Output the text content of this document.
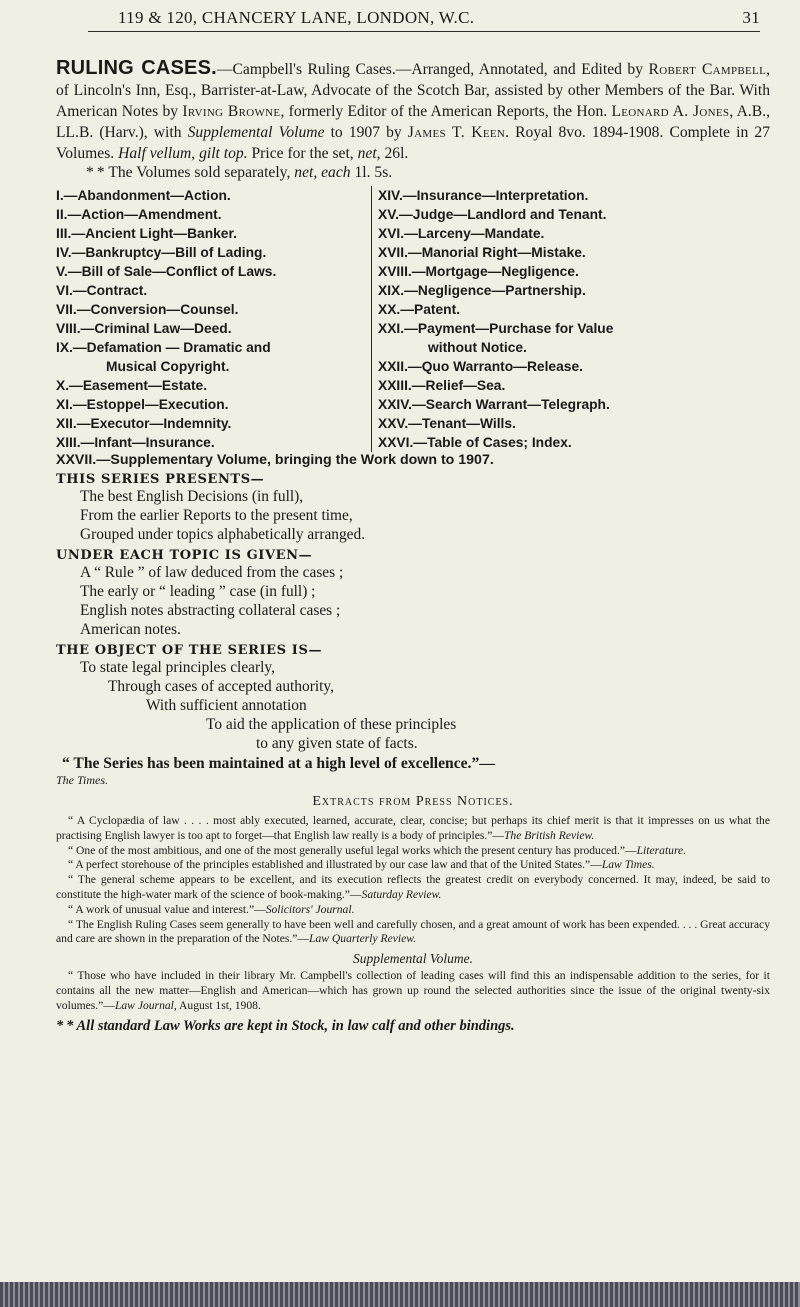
119 & 120, CHANCERY LANE, LONDON, W.C.	31

RULING CASES.—Campbell's Ruling Cases.—Arranged, Annotated, and Edited by Robert Campbell, of Lincoln's Inn, Esq., Barrister-at-Law, Advocate of the Scotch Bar, assisted by other Members of the Bar. With American Notes by Irving Browne, formerly Editor of the American Reports, the Hon. Leonard A. Jones, A.B., LL.B. (Harv.), with Supplemental Volume to 1907 by James T. Keen. Royal 8vo. 1894-1908. Complete in 27 Volumes. Half vellum, gilt top. Price for the set, net, 26l.

* * The Volumes sold separately, net, each 1l. 5s.

I.—Abandonment—Action.
II.—Action—Amendment.
III.—Ancient Light—Banker.
IV.—Bankruptcy—Bill of Lading.
V.—Bill of Sale—Conflict of Laws.
VI.—Contract.
VII.—Conversion—Counsel.
VIII.—Criminal Law—Deed.
IX.—Defamation — Dramatic and
Musical Copyright.
X.—Easement—Estate.
XI.—Estoppel—Execution.
XII.—Executor—Indemnity.
XIII.—Infant—Insurance.
XIV.—Insurance—Interpretation.
XV.—Judge—Landlord and Tenant.
XVI.—Larceny—Mandate.
XVII.—Manorial Right—Mistake.
XVIII.—Mortgage—Negligence.
XIX.—Negligence—Partnership.
XX.—Patent.
XXI.—Payment—Purchase for Value
without Notice.
XXII.—Quo Warranto—Release.
XXIII.—Relief—Sea.
XXIV.—Search Warrant—Telegraph.
XXV.—Tenant—Wills.
XXVI.—Table of Cases; Index.

XXVII.—Supplementary Volume, bringing the Work down to 1907.

THIS SERIES PRESENTS—

The best English Decisions (in full),

From the earlier Reports to the present time,

Grouped under topics alphabetically arranged.

UNDER EACH TOPIC IS GIVEN—

A “ Rule ” of law deduced from the cases ;

The early or “ leading ” case (in full) ;

English notes abstracting collateral cases ;

American notes.

THE OBJECT OF THE SERIES IS—

To state legal principles clearly,

Through cases of accepted authority,

With sufficient annotation

To aid the application of these principles

to any given state of facts.

“ The Series has been maintained at a high level of excellence.”—

The Times.

Extracts from Press Notices.

“ A Cyclopædia of law . . . . most ably executed, learned, accurate, clear, concise; but perhaps its chief merit is that it impresses on us what the practising English lawyer is too apt to forget—that English law really is a body of principles.”—The British Review.

“ One of the most ambitious, and one of the most generally useful legal works which the present century has produced.”—Literature.

“ A perfect storehouse of the principles established and illustrated by our case law and that of the United States.”—Law Times.

“ The general scheme appears to be excellent, and its execution reflects the greatest credit on everybody concerned. It may, indeed, be said to constitute the high-water mark of the science of book-making.”—Saturday Review.

“ A work of unusual value and interest.”—Solicitors' Journal.

“ The English Ruling Cases seem generally to have been well and carefully chosen, and a great amount of work has been expended. . . . Great accuracy and care are shown in the preparation of the Notes.”—Law Quarterly Review.

Supplemental Volume.

“ Those who have included in their library Mr. Campbell's collection of leading cases will find this an indispensable addition to the series, for it contains all the new matter—English and American—which has grown up round the selected authorities since the issue of the original twenty-six volumes.”—Law Journal, August 1st, 1908.

* * All standard Law Works are kept in Stock, in law calf and other bindings.
